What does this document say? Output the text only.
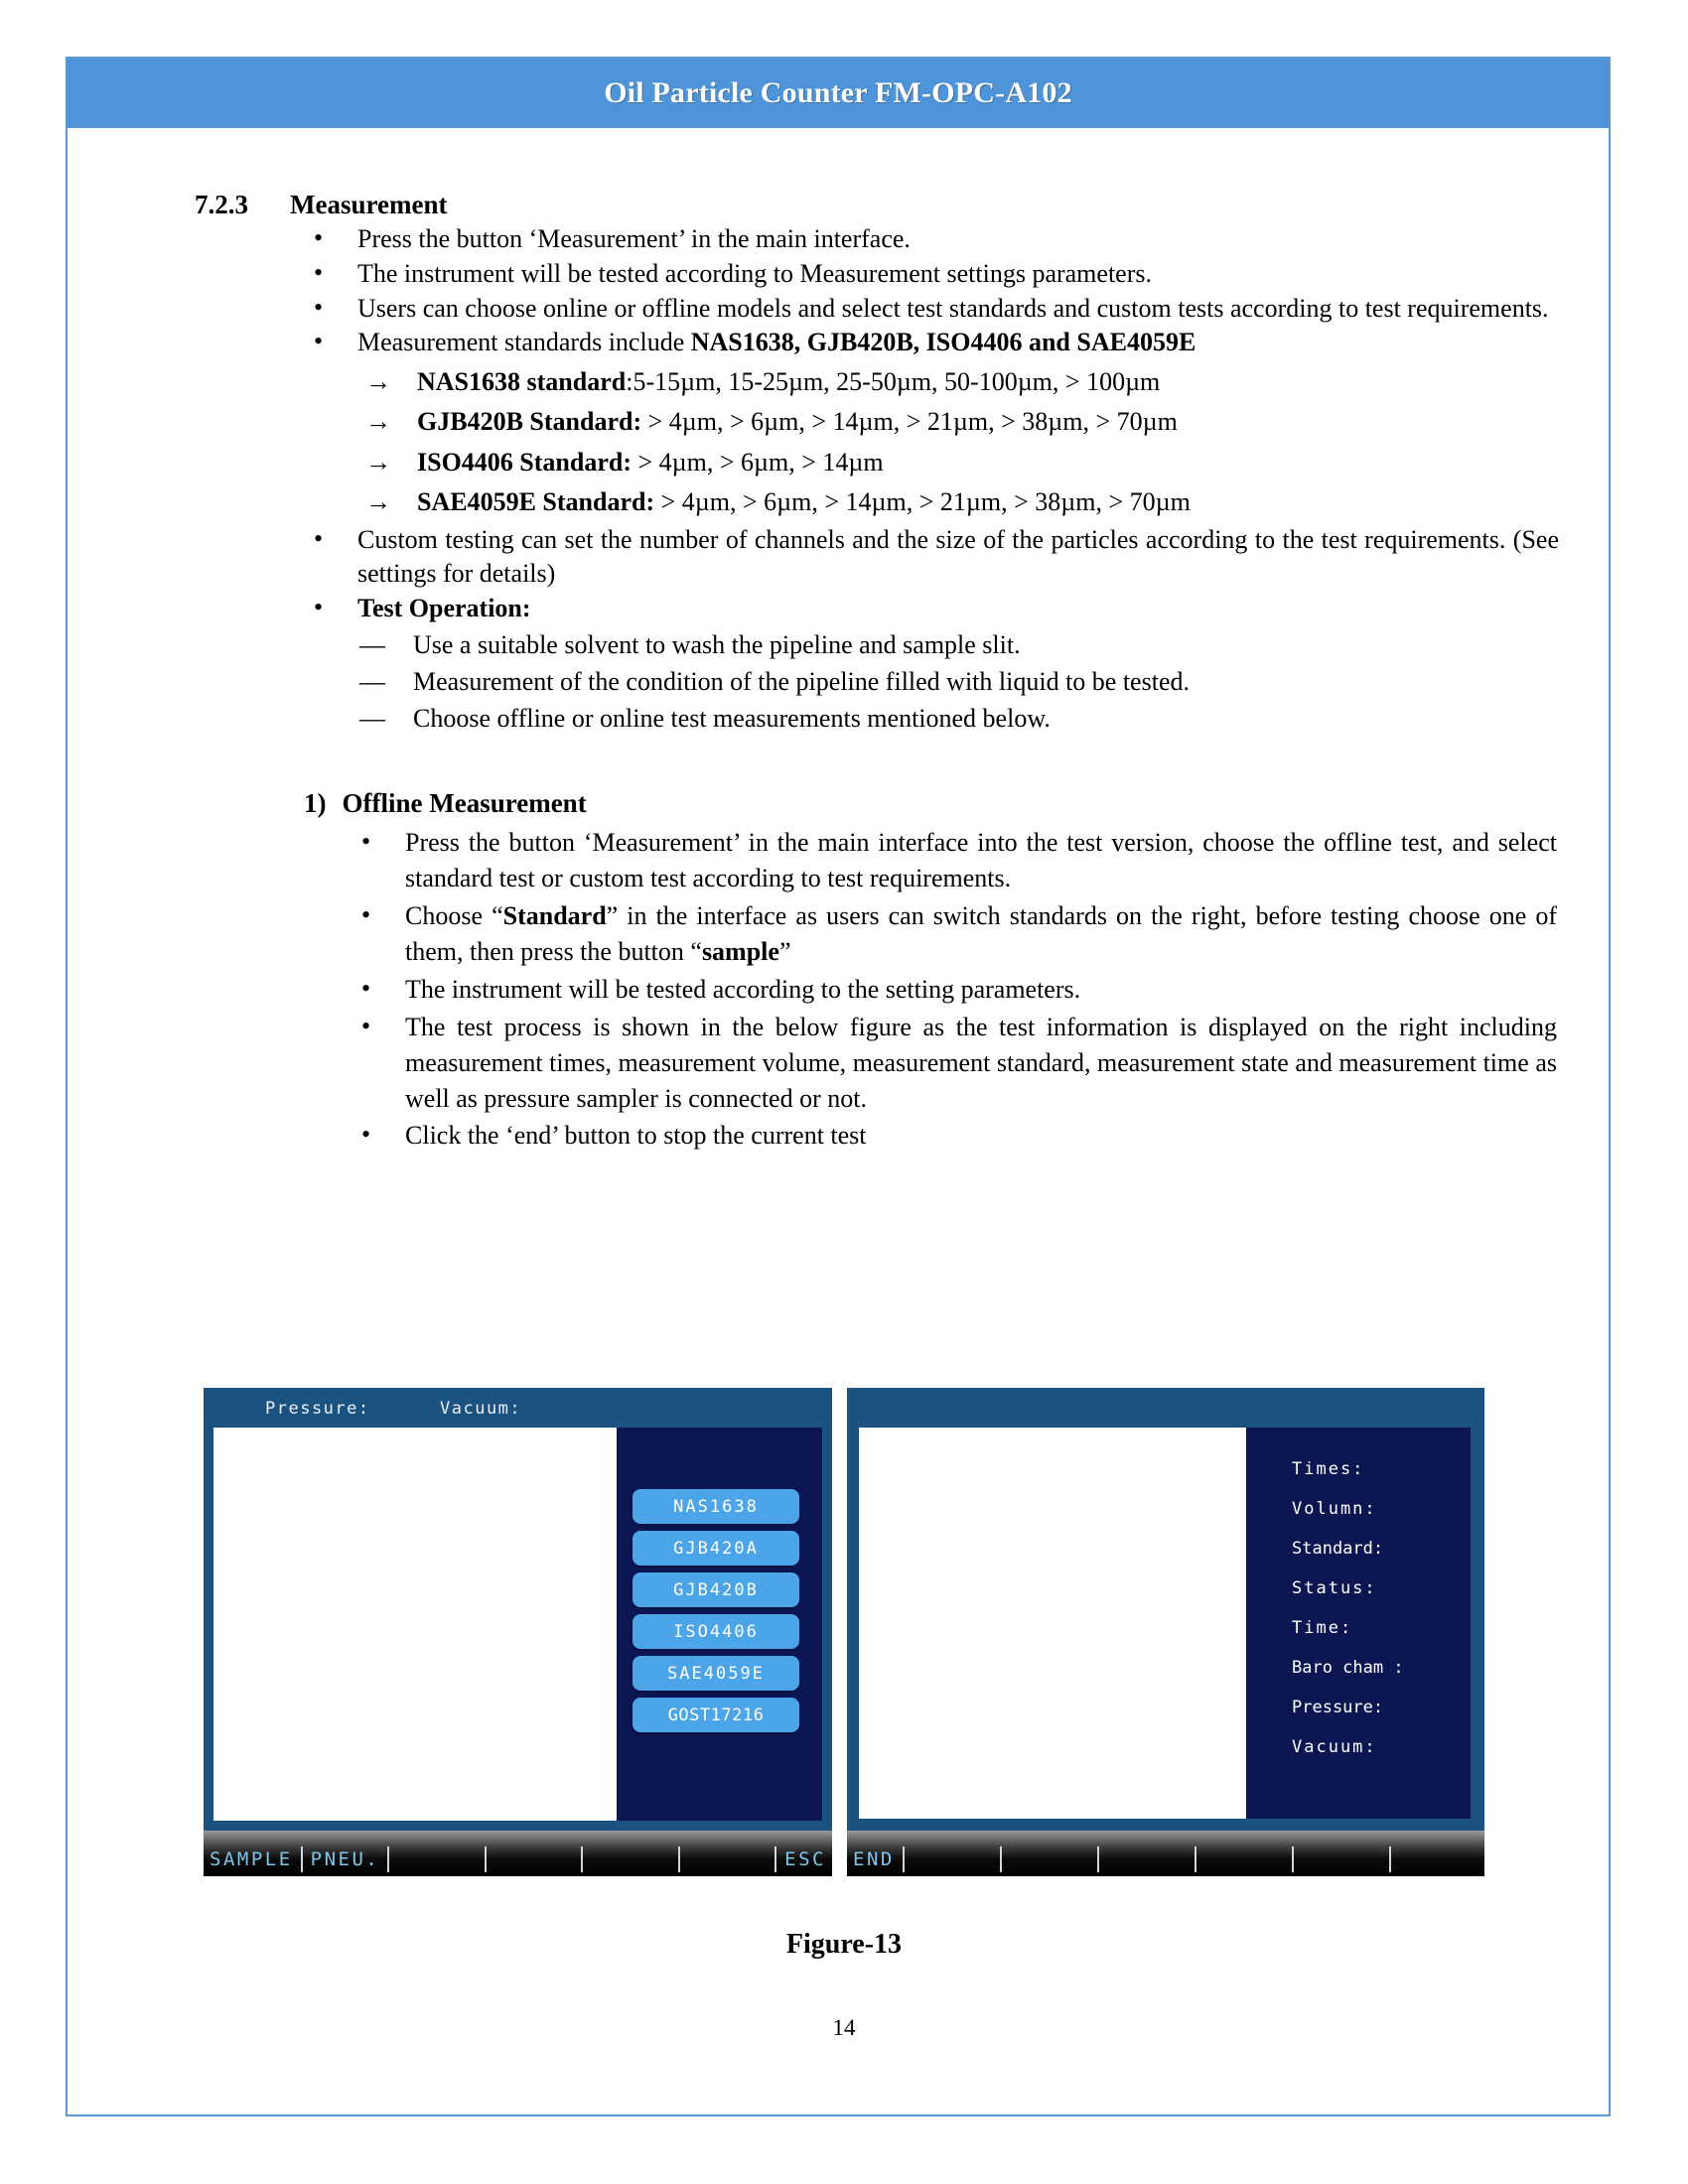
Oil Particle Counter FM-OPC-A102
7.2.3	Measurement
• Press the button ‘Measurement’ in the main interface.
• The instrument will be tested according to Measurement settings parameters.
• Users can choose online or offline models and select test standards and custom tests according to test requirements.
• Measurement standards include NAS1638, GJB420B, ISO4406 and SAE4059E
→ NAS1638 standard:5-15µm, 15-25µm, 25-50µm, 50-100µm, > 100µm
→ GJB420B Standard: > 4µm, > 6µm, > 14µm, > 21µm, > 38µm, > 70µm
→ ISO4406 Standard: > 4µm, > 6µm, > 14µm
→ SAE4059E Standard: > 4µm, > 6µm, > 14µm, > 21µm, > 38µm, > 70µm
• Custom testing can set the number of channels and the size of the particles according to the test requirements. (See settings for details)
• Test Operation:
— Use a suitable solvent to wash the pipeline and sample slit.
— Measurement of the condition of the pipeline filled with liquid to be tested.
— Choose offline or online test measurements mentioned below.
1) Offline Measurement
• Press the button ‘Measurement’ in the main interface into the test version, choose the offline test, and select standard test or custom test according to test requirements.
• Choose “Standard” in the interface as users can switch standards on the right, before testing choose one of them, then press the button “sample”
• The instrument will be tested according to the setting parameters.
• The test process is shown in the below figure as the test information is displayed on the right including measurement times, measurement volume, measurement standard, measurement state and measurement time as well as pressure sampler is connected or not.
• Click the ‘end’ button to stop the current test
Pressure:	Vacuum:
NAS1638
GJB420A
GJB420B
ISO4406
SAE4059E
GOST17216
SAMPLE PNEU.	ESC
Times:
Volumn:
Standard:
Status:
Time:
Baro cham :
Pressure:
Vacuum:
END
Figure-13
14
